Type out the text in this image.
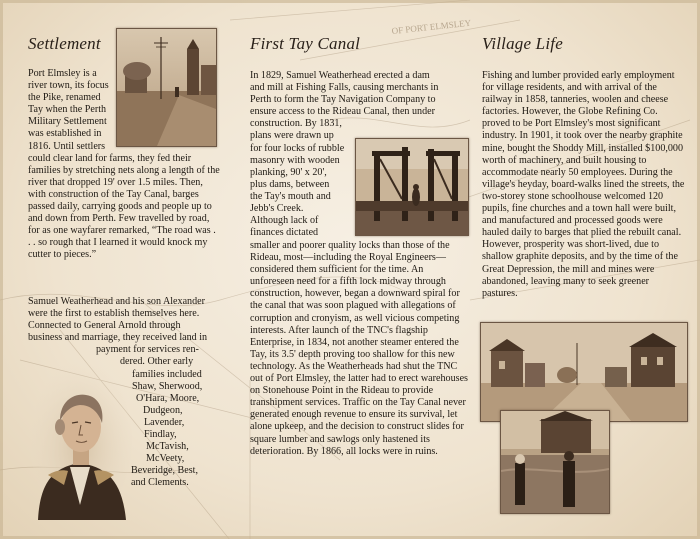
OF PORT ELMSLEY
Settlement

Port Elmsley is a river town, its focus the Pike, renamed Tay when the Perth Military Settlement was established in 1816. Until settlers could clear land for farms, they fed their families by stretching nets along a length of the river that dropped 19' over 1.5 miles. Then, with construction of the Tay Canal, barges passed daily, carrying goods and people up to and down from Perth. Few travelled by road, for as one wayfarer remarked, “The road was . . . so rough that I learned it would knock my cutter to pieces.”

Samuel Weatherhead and his son Alexander
were the first to establish themselves here.
Connected to General Arnold through
business and marriage, they received land in
payment for services ren-
dered. Other early
families included
Shaw, Sherwood,
O'Hara, Moore,
Dudgeon,
Lavender,
Findlay,
McTavish,
McVeety,
Beveridge, Best,
and Clements.
First Tay Canal
In 1829, Samuel Weatherhead erected a dam
and mill at Fishing Falls, causing merchants in
Perth to form the Tay Navigation Company to
ensure access to the Rideau Canal, then under
construction. By 1831,
plans were drawn up
for four locks of rubble
masonry with wooden
planking, 90' x 20',
plus dams, between
the Tay's mouth and
Jebb's Creek.
Although lack of
finances dictated

smaller and poorer quality locks than those of the Rideau, most—including the Royal Engineers—considered them sufficient for the time. An unforeseen need for a fifth lock midway through construction, however, began a downward spiral for the canal that was soon plagued with allegations of corruption and cronyism, as well vicious competing interests. After launch of the TNC's flagship Enterprise, in 1834, not another steamer entered the Tay, its 3.5' depth proving too shallow for this new technology. As the Weatherheads had shut the TNC out of Port Elmsley, the latter had to erect warehouses on Stonehouse Point in the Rideau to provide transhipment services. Traffic on the Tay Canal never generated enough revenue to ensure its survival, let alone upkeep, and the decision to construct slides for square lumber and sawlogs only hastened its deterioration. By 1866, all locks were in ruins.

Village Life

Fishing and lumber provided early employment for village residents, and with arrival of the railway in 1858, tanneries, woolen and cheese factories. However, the Globe Refining Co. proved to be Port Elmsley's most significant industry. In 1901, it took over the nearby graphite mine, bought the Shoddy Mill, installed $100,000 worth of machinery, and built housing to accommodate nearly 50 employees. During the village's heyday, board-walks lined the streets, the two-storey stone schoolhouse welcomed 120 pupils, fine churches and a town hall were built, and manufactured and processed goods were hauled daily to barges that plied the rebuilt canal. However, prosperity was short-lived, due to shallow graphite deposits, and by the time of the Great Depression, the mill and mines were abandoned, leaving many to seek greener pastures.
